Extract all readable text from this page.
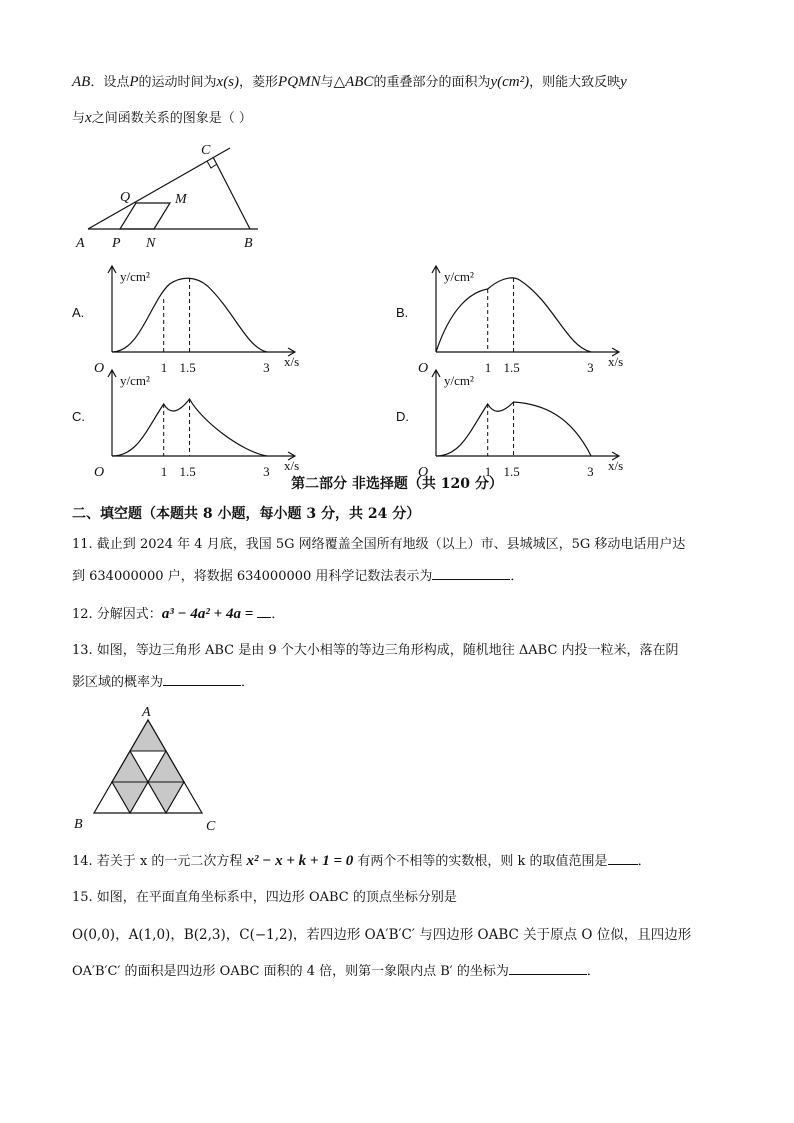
AB．设点P的运动时间为x(s)，菱形PQMN与△ABC的重叠部分的面积为y(cm²)，则能大致反映y
与x之间函数关系的图象是（ ）
A P N	B
Q	M
C
O
y/cm²
x/s
1 1.5	3
A.
O
y/cm²
x/s
1 1.5	3
B.
O
y/cm²
x/s
1 1.5	3
C.
O
y/cm²
x/s
1 1.5	3
D.
第二部分 非选择题（共 120 分）
二、填空题（本题共 8 小题，每小题 3 分，共 24 分）
11. 截止到 2024 年 4 月底，我国 5G 网络覆盖全国所有地级（以上）市、县城城区，5G 移动电话用户达
到 634000000 户，将数据 634000000 用科学记数法表示为	．
12. 分解因式：a³ − 4a² + 4a = ．
13. 如图，等边三角形 ABC 是由 9 个大小相等的等边三角形构成，随机地往 ΔABC 内投一粒米，落在阴
影区域的概率为	．
A
B	C
14. 若关于 x 的一元二次方程 x² − x + k + 1 = 0 有两个不相等的实数根，则 k 的取值范围是 ．
15. 如图，在平面直角坐标系中，四边形 OABC 的顶点坐标分别是
O(0,0)，A(1,0)，B(2,3)，C(−1,2)，若四边形 OA′B′C′ 与四边形 OABC 关于原点 O 位似，且四边形
OA′B′C′ 的面积是四边形 OABC 面积的 4 倍，则第一象限内点 B′ 的坐标为	．
